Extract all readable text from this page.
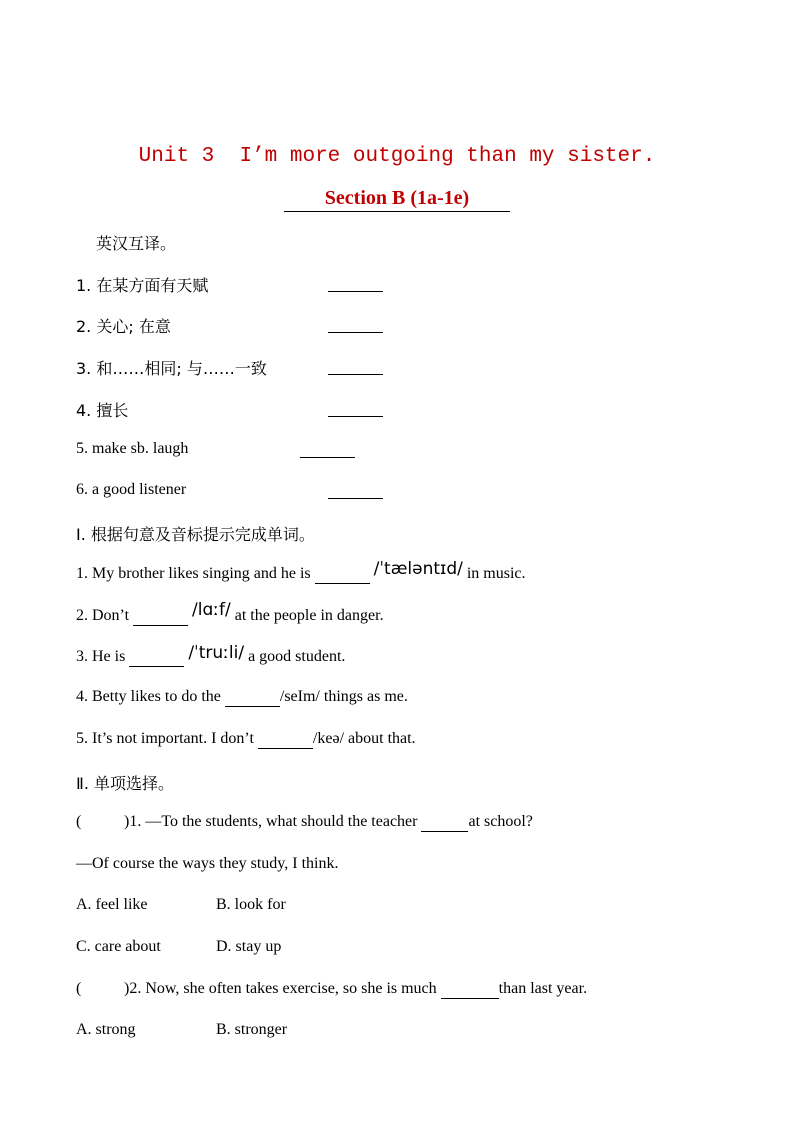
Unit 3  I’m more outgoing than my sister.
Section B (1a-1e)
英汉互译。
1. 在某方面有天赋
2. 关心; 在意
3. 和……相同; 与……一致
4. 擅长
5. make sb. laugh
6. a good listener
Ⅰ. 根据句意及音标提示完成单词。
1. My brother likes singing and he is	/ˈtæləntɪd/ in music.
2. Don’t	/lɑːf/ at the people in danger.
3. He is	/ˈtruːli/ a good student.
4. Betty likes to do the	/seIm/ things as me.
5. It’s not important. I don’t	/keə/ about that.
Ⅱ. 单项选择。
(	)1. —To the students, what should the teacher	at school?
—Of course the ways they study, I think.
A. feel like	B. look for
C. care about	D. stay up
(	)2. Now, she often takes exercise, so she is much	than last year.
A. strong	B. stronger
